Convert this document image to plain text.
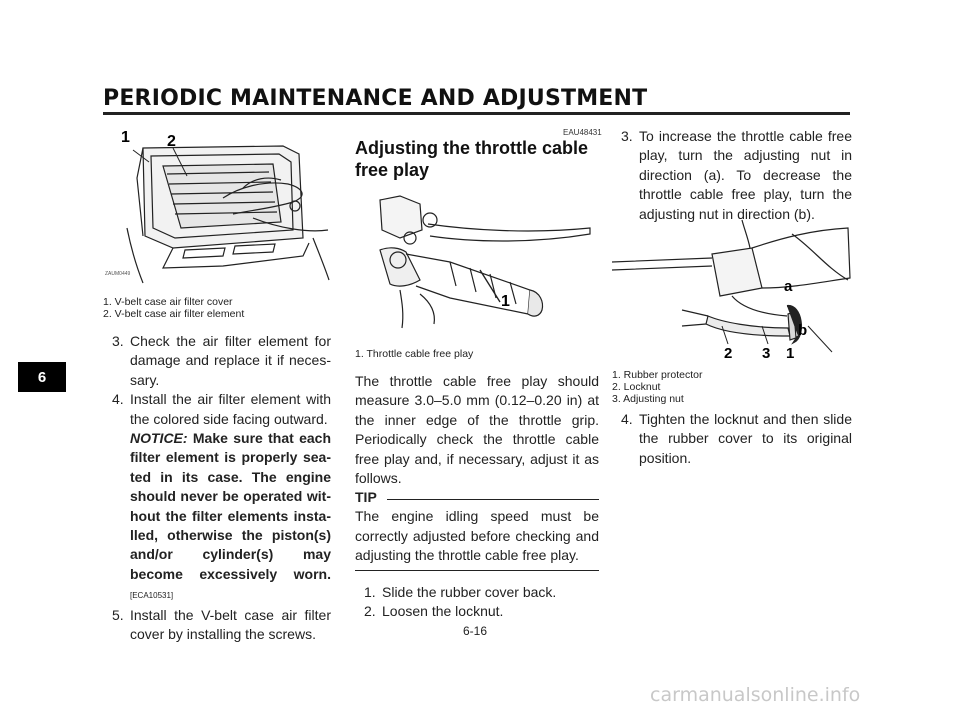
PERIODIC MAINTENANCE AND ADJUSTMENT
6
1 2
ZAUM0449
1. V-belt case air filter cover
2. V-belt case air filter element
3. Check the air filter element for damage and replace it if necessary.
4. Install the air filter element with the colored side facing outward.
NOTICE: Make sure that each filter element is properly seated in its case. The engine should never be operated without the filter elements installed, otherwise the piston(s) and/or cylinder(s) may become excessively worn. [ECA10531]
5. Install the V-belt case air filter cover by installing the screws.
EAU48431
Adjusting the throttle cable free play
1
1. Throttle cable free play
The throttle cable free play should measure 3.0–5.0 mm (0.12–0.20 in) at the inner edge of the throttle grip. Periodically check the throttle cable free play and, if necessary, adjust it as follows.
TIP
The engine idling speed must be correctly adjusted before checking and adjusting the throttle cable free play.
1. Slide the rubber cover back.
2. Loosen the locknut.
3. To increase the throttle cable free play, turn the adjusting nut in direction (a). To decrease the throttle cable free play, turn the adjusting nut in direction (b).
a
b
2 3 1
1. Rubber protector
2. Locknut
3. Adjusting nut
4. Tighten the locknut and then slide the rubber cover to its original position.
6-16
carmanualsonline.info
